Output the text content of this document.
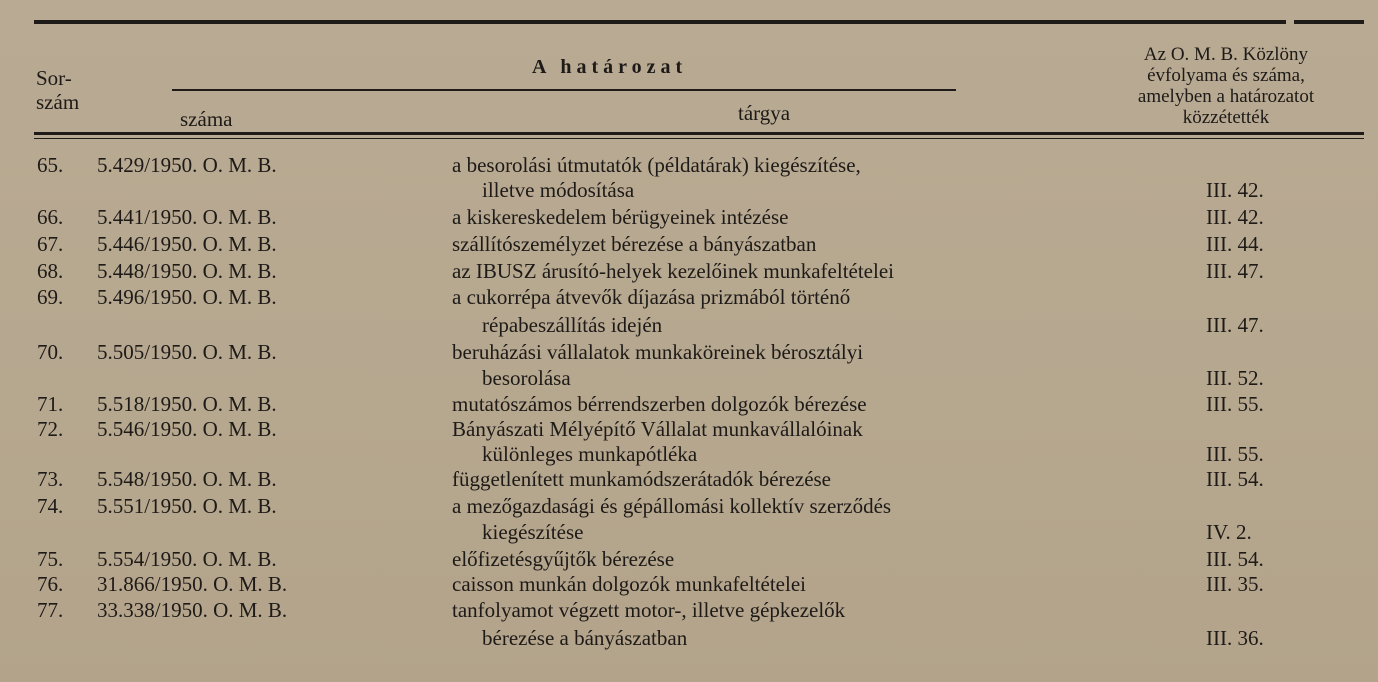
Sor-
szám
A határozat
száma	tárgya
Az O. M. B. Közlöny
évfolyama és száma,
amelyben a határozatot
közzétették
65. 5.429/1950. O. M. B.	a besorolási útmutatók (példatárak) kiegészítése,
illetve módosítása	III. 42.
66. 5.441/1950. O. M. B.	a kiskereskedelem bérügyeinek intézése	III. 42.
67. 5.446/1950. O. M. B.	szállítószemélyzet bérezése a bányászatban	III. 44.
68. 5.448/1950. O. M. B.	az IBUSZ árusító-helyek kezelőinek munkafeltételei	III. 47.
69. 5.496/1950. O. M. B.	a cukorrépa átvevők díjazása prizmából történő
répabeszállítás idején	III. 47.
70. 5.505/1950. O. M. B.	beruházási vállalatok munkaköreinek bérosztályi
besorolása	III. 52.
71. 5.518/1950. O. M. B.	mutatószámos bérrendszerben dolgozók bérezése	III. 55.
72. 5.546/1950. O. M. B.	Bányászati Mélyépítő Vállalat munkavállalóinak
különleges munkapótléka	III. 55.
73. 5.548/1950. O. M. B.	függetlenített munkamódszerátadók bérezése	III. 54.
74. 5.551/1950. O. M. B.	a mezőgazdasági és gépállomási kollektív szerződés
kiegészítése	IV. 2.
75. 5.554/1950. O. M. B.	előfizetésgyűjtők bérezése	III. 54.
76. 31.866/1950. O. M. B.	caisson munkán dolgozók munkafeltételei	III. 35.
77. 33.338/1950. O. M. B.	tanfolyamot végzett motor-, illetve gépkezelők
bérezése a bányászatban	III. 36.
